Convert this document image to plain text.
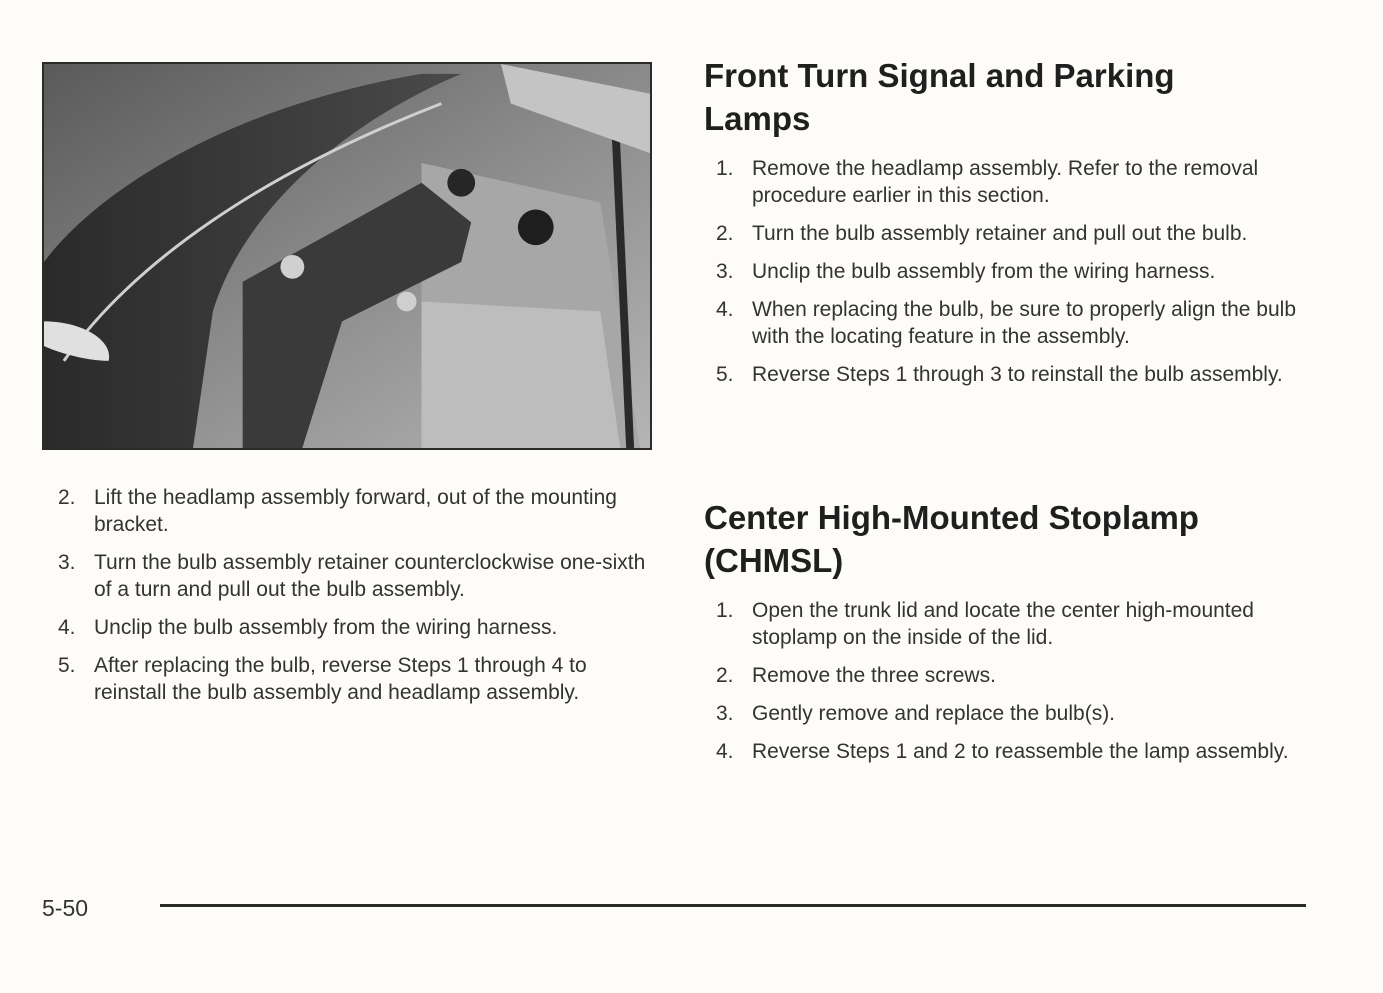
2. Lift the headlamp assembly forward, out of the mounting bracket.
3. Turn the bulb assembly retainer counterclockwise one-sixth of a turn and pull out the bulb assembly.
4. Unclip the bulb assembly from the wiring harness.
5. After replacing the bulb, reverse Steps 1 through 4 to reinstall the bulb assembly and headlamp assembly.
Front Turn Signal and Parking Lamps
1. Remove the headlamp assembly. Refer to the removal procedure earlier in this section.
2. Turn the bulb assembly retainer and pull out the bulb.
3. Unclip the bulb assembly from the wiring harness.
4. When replacing the bulb, be sure to properly align the bulb with the locating feature in the assembly.
5. Reverse Steps 1 through 3 to reinstall the bulb assembly.
Center High-Mounted Stoplamp (CHMSL)
1. Open the trunk lid and locate the center high-mounted stoplamp on the inside of the lid.
2. Remove the three screws.
3. Gently remove and replace the bulb(s).
4. Reverse Steps 1 and 2 to reassemble the lamp assembly.
5-50
